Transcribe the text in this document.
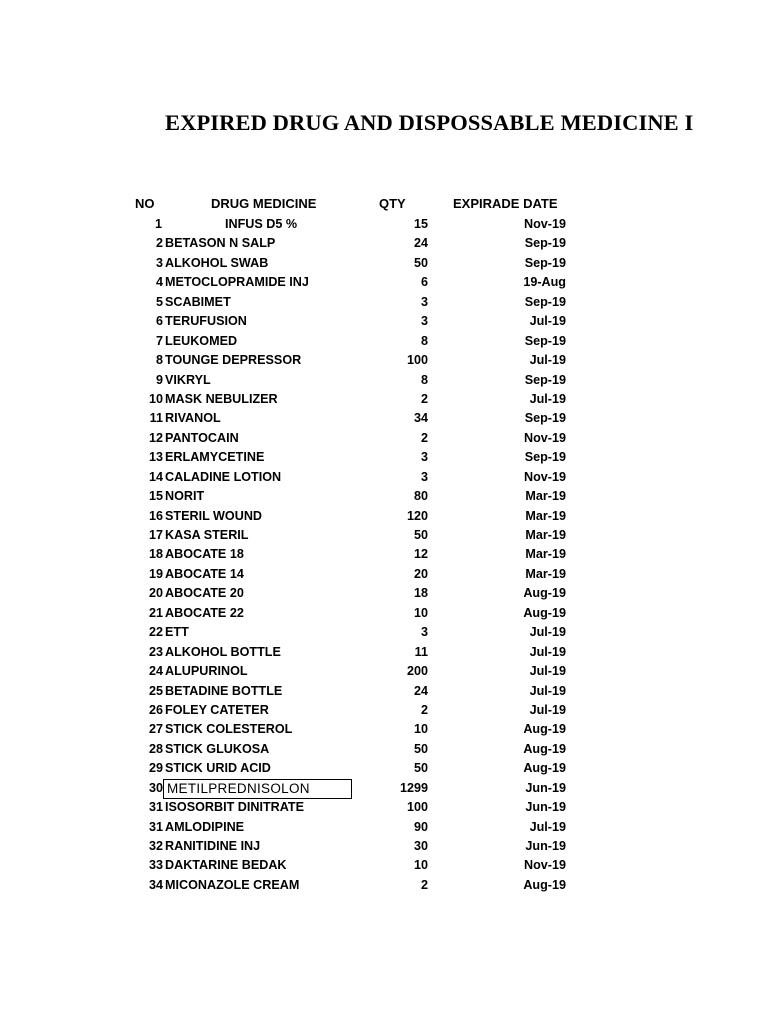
EXPIRED DRUG AND DISPOSSABLE MEDICINE I
NO	DRUG MEDICINE	QTY	EXPIRADE DATE
1	INFUS D5 %	15	Nov-19
2 BETASON N SALP	24	Sep-19
3 ALKOHOL SWAB	50	Sep-19
4 METOCLOPRAMIDE INJ	6	19-Aug
5 SCABIMET	3	Sep-19
6 TERUFUSION	3	Jul-19
7 LEUKOMED	8	Sep-19
8 TOUNGE DEPRESSOR	100	Jul-19
9 VIKRYL	8	Sep-19
10 MASK NEBULIZER	2	Jul-19
11 RIVANOL	34	Sep-19
12 PANTOCAIN	2	Nov-19
13 ERLAMYCETINE	3	Sep-19
14 CALADINE LOTION	3	Nov-19
15 NORIT	80	Mar-19
16 STERIL WOUND	120	Mar-19
17 KASA STERIL	50	Mar-19
18 ABOCATE 18	12	Mar-19
19 ABOCATE 14	20	Mar-19
20 ABOCATE 20	18	Aug-19
21 ABOCATE 22	10	Aug-19
22 ETT	3	Jul-19
23 ALKOHOL BOTTLE	11	Jul-19
24 ALUPURINOL	200	Jul-19
25 BETADINE BOTTLE	24	Jul-19
26 FOLEY CATETER	2	Jul-19
27 STICK COLESTEROL	10	Aug-19
28 STICK GLUKOSA	50	Aug-19
29 STICK URID ACID	50	Aug-19
30 METILPREDNISOLON	1299	Jun-19
31 ISOSORBIT DINITRATE	100	Jun-19
31 AMLODIPINE	90	Jul-19
32 RANITIDINE INJ	30	Jun-19
33 DAKTARINE BEDAK	10	Nov-19
34 MICONAZOLE CREAM	2	Aug-19
